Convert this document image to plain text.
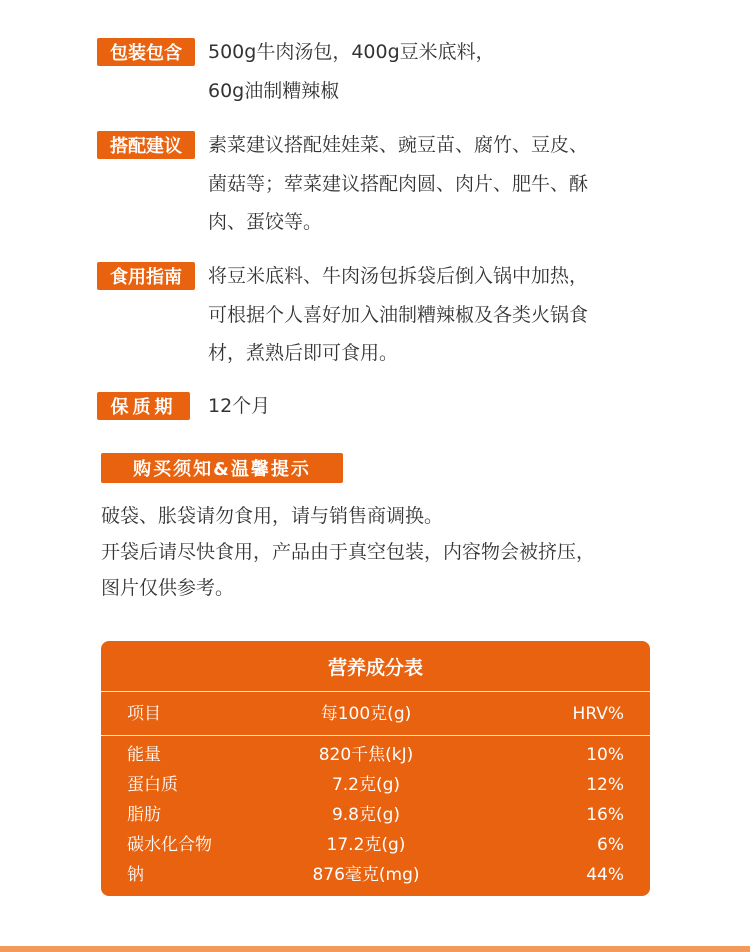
包装包含	500g牛肉汤包，400g豆米底料，
60g油制糟辣椒
搭配建议	素菜建议搭配娃娃菜、豌豆苗、腐竹、豆皮、
菌菇等；荤菜建议搭配肉圆、肉片、肥牛、酥
肉、蛋饺等。
食用指南	将豆米底料、牛肉汤包拆袋后倒入锅中加热，
可根据个人喜好加入油制糟辣椒及各类火锅食
材，煮熟后即可食用。
保质期	12个月
购买须知&温馨提示

破袋、胀袋请勿食用，请与销售商调换。

开袋后请尽快食用，产品由于真空包装，内容物会被挤压，

图片仅供参考。

营养成分表
项目	每100克(g)	HRV%
能量	820千焦(kJ)	10%
蛋白质	7.2克(g)	12%
脂肪	9.8克(g)	16%
碳水化合物	17.2克(g)	6%
钠	876毫克(mg)	44%
